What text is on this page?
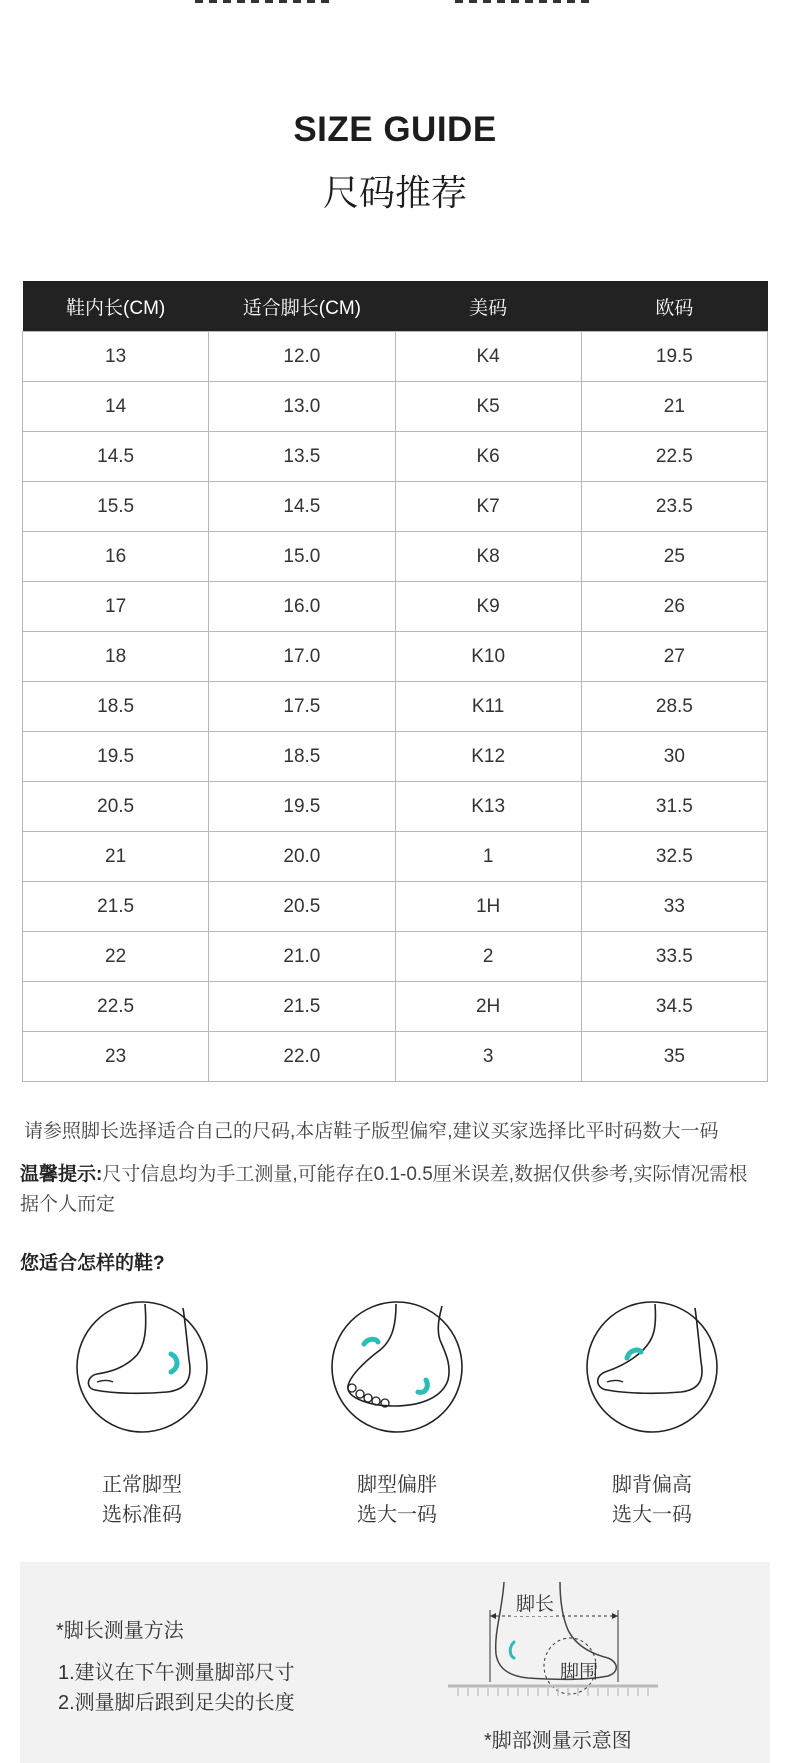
SIZE GUIDE
尺码推荐
鞋内长(CM)	适合脚长(CM)	美码	欧码
13	12.0	K4	19.5
14	13.0	K5	21
14.5	13.5	K6	22.5
15.5	14.5	K7	23.5
16	15.0	K8	25
17	16.0	K9	26
18	17.0	K10	27
18.5	17.5	K11	28.5
19.5	18.5	K12	30
20.5	19.5	K13	31.5
21	20.0	1	32.5
21.5	20.5	1H	33
22	21.0	2	33.5
22.5	21.5	2H	34.5
23	22.0	3	35
请参照脚长选择适合自己的尺码,本店鞋子版型偏窄,建议买家选择比平时码数大一码
温馨提示:尺寸信息均为手工测量,可能存在0.1-0.5厘米误差,数据仅供参考,实际情况需根据个人而定
您适合怎样的鞋?
正常脚型
选标准码
脚型偏胖
选大一码
脚背偏高
选大一码
*脚长测量方法
1.建议在下午测量脚部尺寸
2.测量脚后跟到足尖的长度
脚长
脚围
*脚部测量示意图
